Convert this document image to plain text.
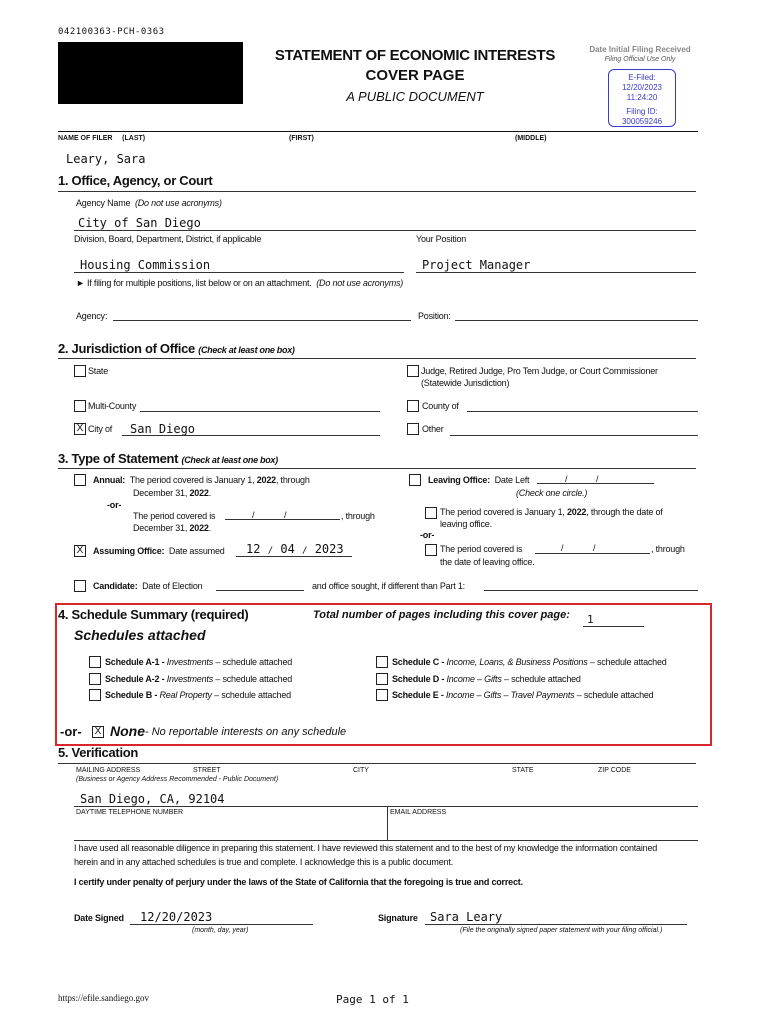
042100363-PCH-0363
STATEMENT OF ECONOMIC INTERESTS
COVER PAGE
A PUBLIC DOCUMENT
Date Initial Filing Received
Filing Official Use Only
E-Filed:
12/20/2023
11:24:20
Filing ID:
300059246
NAME OF FILER     (LAST)	(FIRST)	(MIDDLE)
Leary, Sara
1. Office, Agency, or Court
Agency Name (Do not use acronyms)
City of San Diego
Division, Board, Department, District, if applicable	Your Position
Housing Commission	Project Manager
► If filing for multiple positions, list below or on an attachment. (Do not use acronyms)
Agency:	Position:
2. Jurisdiction of Office (Check at least one box)
State	Judge, Retired Judge, Pro Tem Judge, or Court Commissioner
(Statewide Jurisdiction)
Multi-County	County of
X City of San Diego	Other
3. Type of Statement (Check at least one box)
Annual: The period covered is January 1, 2022, through
December 31, 2022.
-or-
The period covered is	/	/	, through
December 31, 2022.
Leaving Office: Date Left	/	/
(Check one circle.)
The period covered is January 1, 2022, through the date of
leaving office.
-or-
The period covered is	/	/	, through
the date of leaving office.
X Assuming Office: Date assumed 12 / 04 / 2023
Candidate: Date of Election	and office sought, if different than Part 1:
4. Schedule Summary (required)	Total number of pages including this cover page: 1
Schedules attached
Schedule A-1 - Investments – schedule attached
Schedule A-2 - Investments – schedule attached
Schedule B - Real Property – schedule attached
Schedule C - Income, Loans, & Business Positions – schedule attached
Schedule D - Income – Gifts – schedule attached
Schedule E - Income – Gifts – Travel Payments – schedule attached
-or- X None - No reportable interests on any schedule
5. Verification
MAILING ADDRESS	STREET	CITY	STATE	ZIP CODE
(Business or Agency Address Recommended - Public Document)
San Diego, CA, 92104
DAYTIME TELEPHONE NUMBER	EMAIL ADDRESS
I have used all reasonable diligence in preparing this statement. I have reviewed this statement and to the best of my knowledge the information contained
herein and in any attached schedules is true and complete. I acknowledge this is a public document.
I certify under penalty of perjury under the laws of the State of California that the foregoing is true and correct.
Date Signed 12/20/2023
(month, day, year)
Signature Sara Leary
(File the originally signed paper statement with your filing official.)
https://efile.sandiego.gov	Page 1 of 1
